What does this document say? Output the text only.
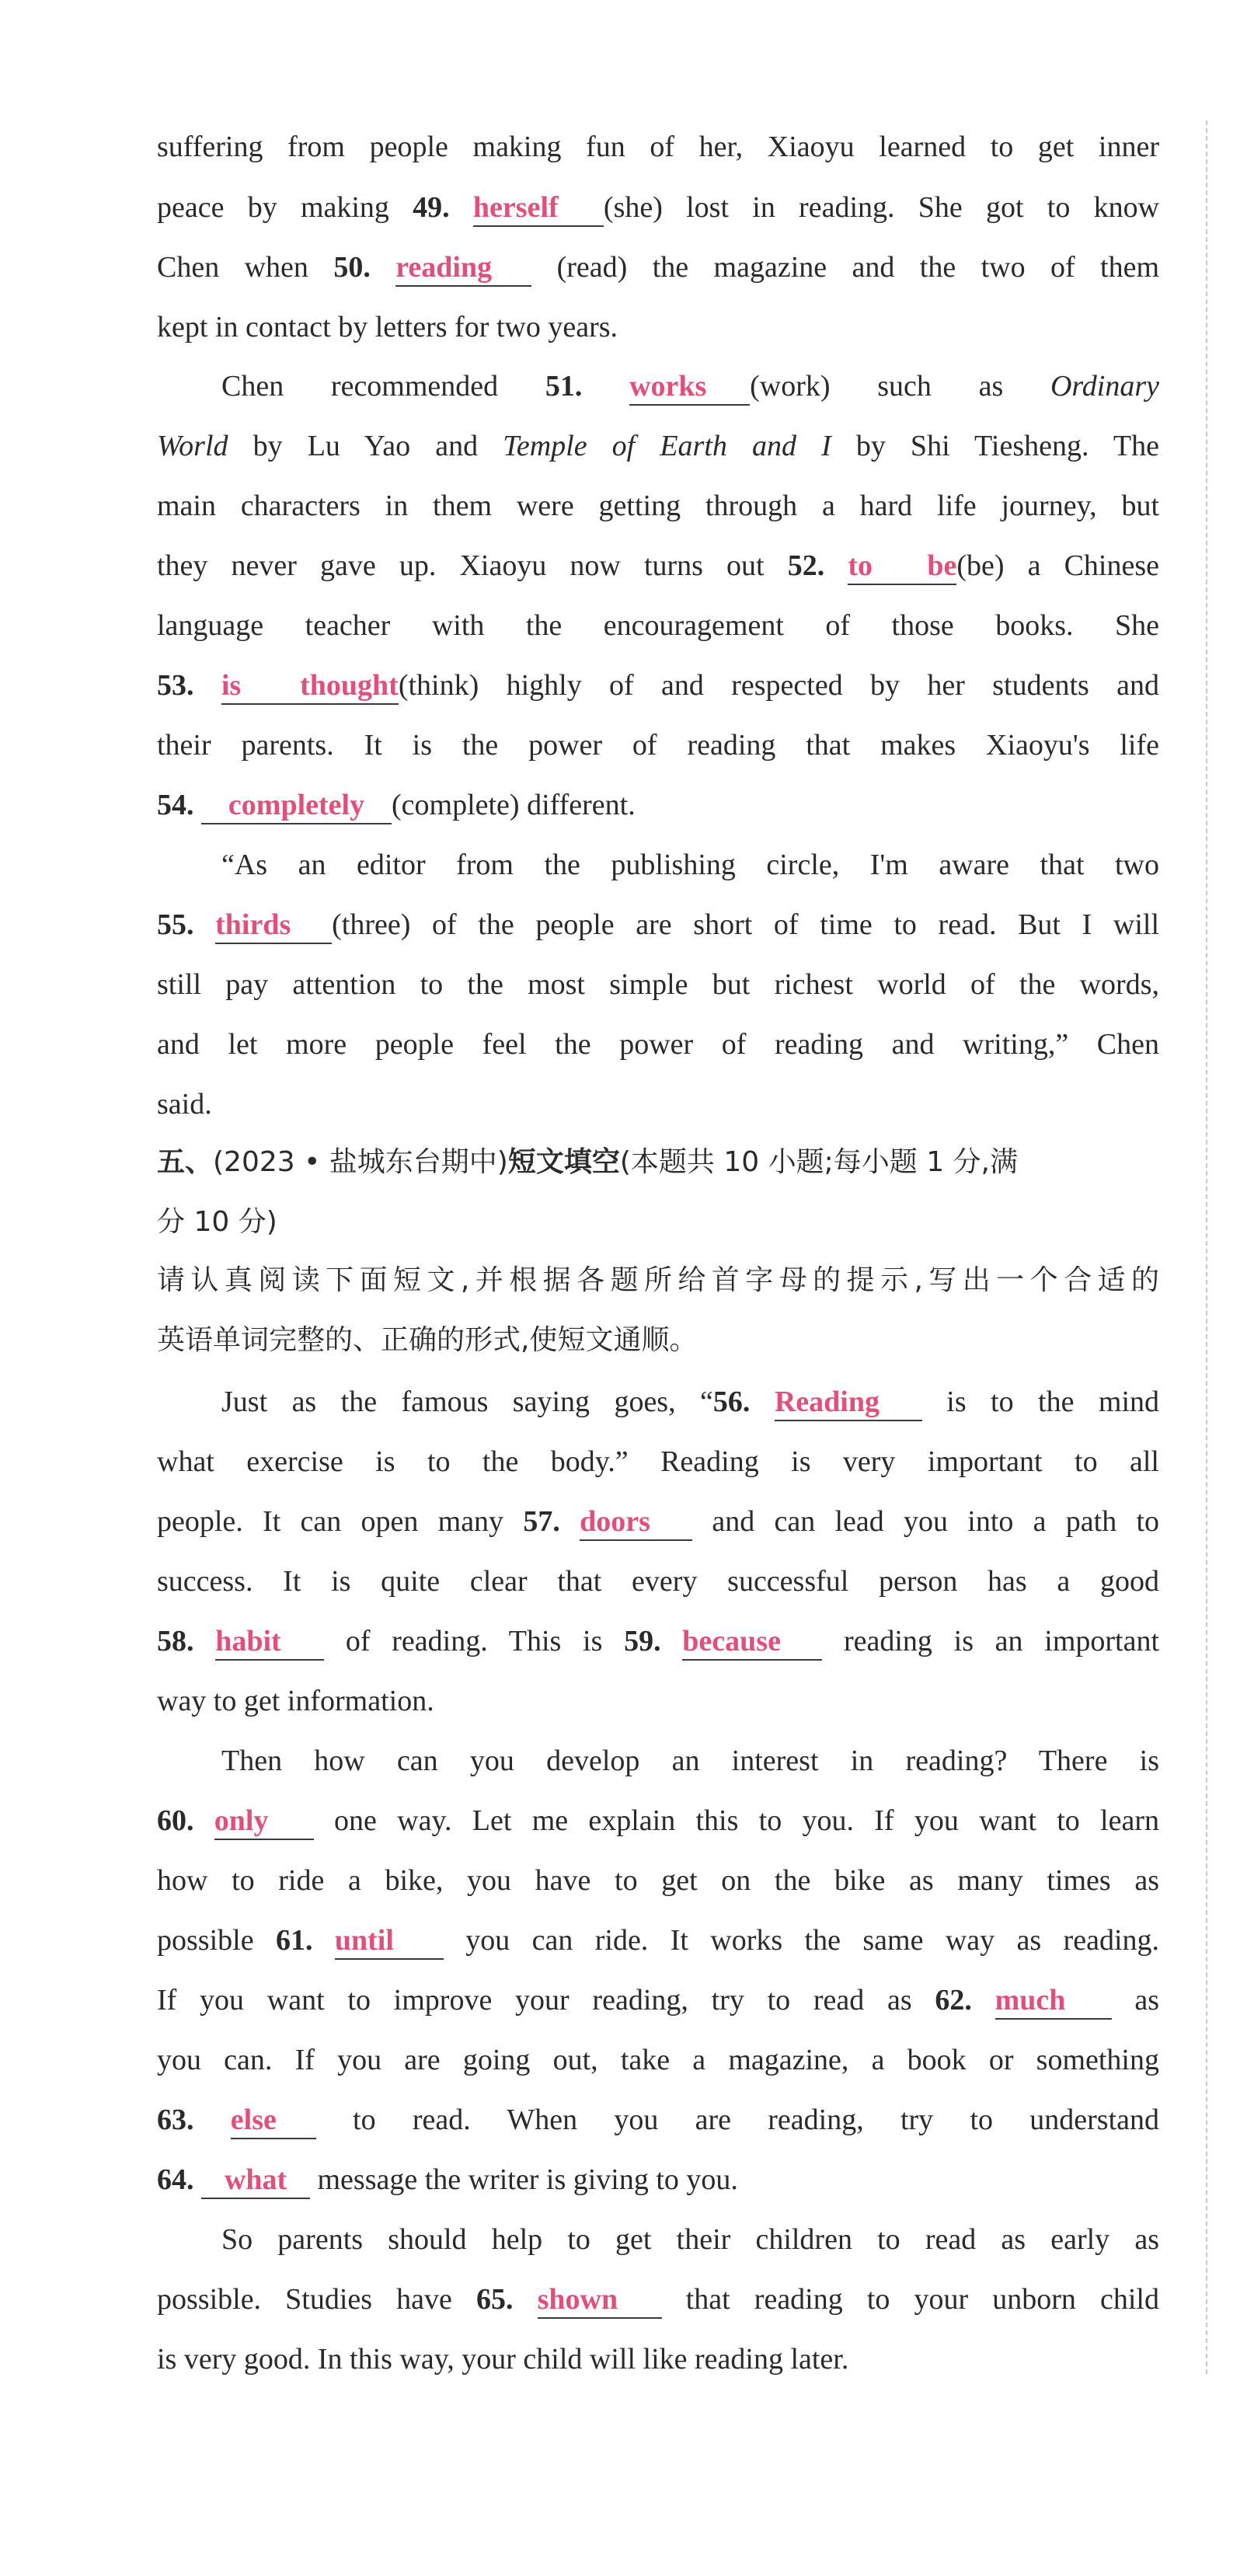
suffering from people making fun of her, Xiaoyu learned to get inner

peace by making 49. herself (she) lost in reading. She got to know

Chen when 50. reading (read) the magazine and the two of them

kept in contact by letters for two years.

Chen recommended 51. works (work) such as Ordinary

World by Lu Yao and Temple of Earth and I by Shi Tiesheng. The

main characters in them were getting through a hard life journey, but

they never gave up. Xiaoyu now turns out 52. to be(be) a Chinese

language teacher with the encouragement of those books. She

53. is thought(think) highly of and respected by her students and

their parents. It is the power of reading that makes Xiaoyu's life

54. completely (complete) different.

“As an editor from the publishing circle, I'm aware that two

55. thirds (three) of the people are short of time to read. But I will

still pay attention to the most simple but richest world of the words,

and let more people feel the power of reading and writing,” Chen

said.

五、(2023 • 盐城东台期中)短文填空(本题共 10 小题;每小题 1 分,满

分 10 分)

请认真阅读下面短文,并根据各题所给首字母的提示,写出一个合适的

英语单词完整的、正确的形式,使短文通顺。

Just as the famous saying goes, “56. Reading is to the mind

what exercise is to the body.” Reading is very important to all

people. It can open many 57. doors and can lead you into a path to

success. It is quite clear that every successful person has a good

58. habit of reading. This is 59. because reading is an important

way to get information.

Then how can you develop an interest in reading? There is

60. only one way. Let me explain this to you. If you want to learn

how to ride a bike, you have to get on the bike as many times as

possible 61. until you can ride. It works the same way as reading.

If you want to improve your reading, try to read as 62. much as

you can. If you are going out, take a magazine, a book or something

63. else to read. When you are reading, try to understand

64. what message the writer is giving to you.

So parents should help to get their children to read as early as

possible. Studies have 65. shown that reading to your unborn child

is very good. In this way, your child will like reading later.
